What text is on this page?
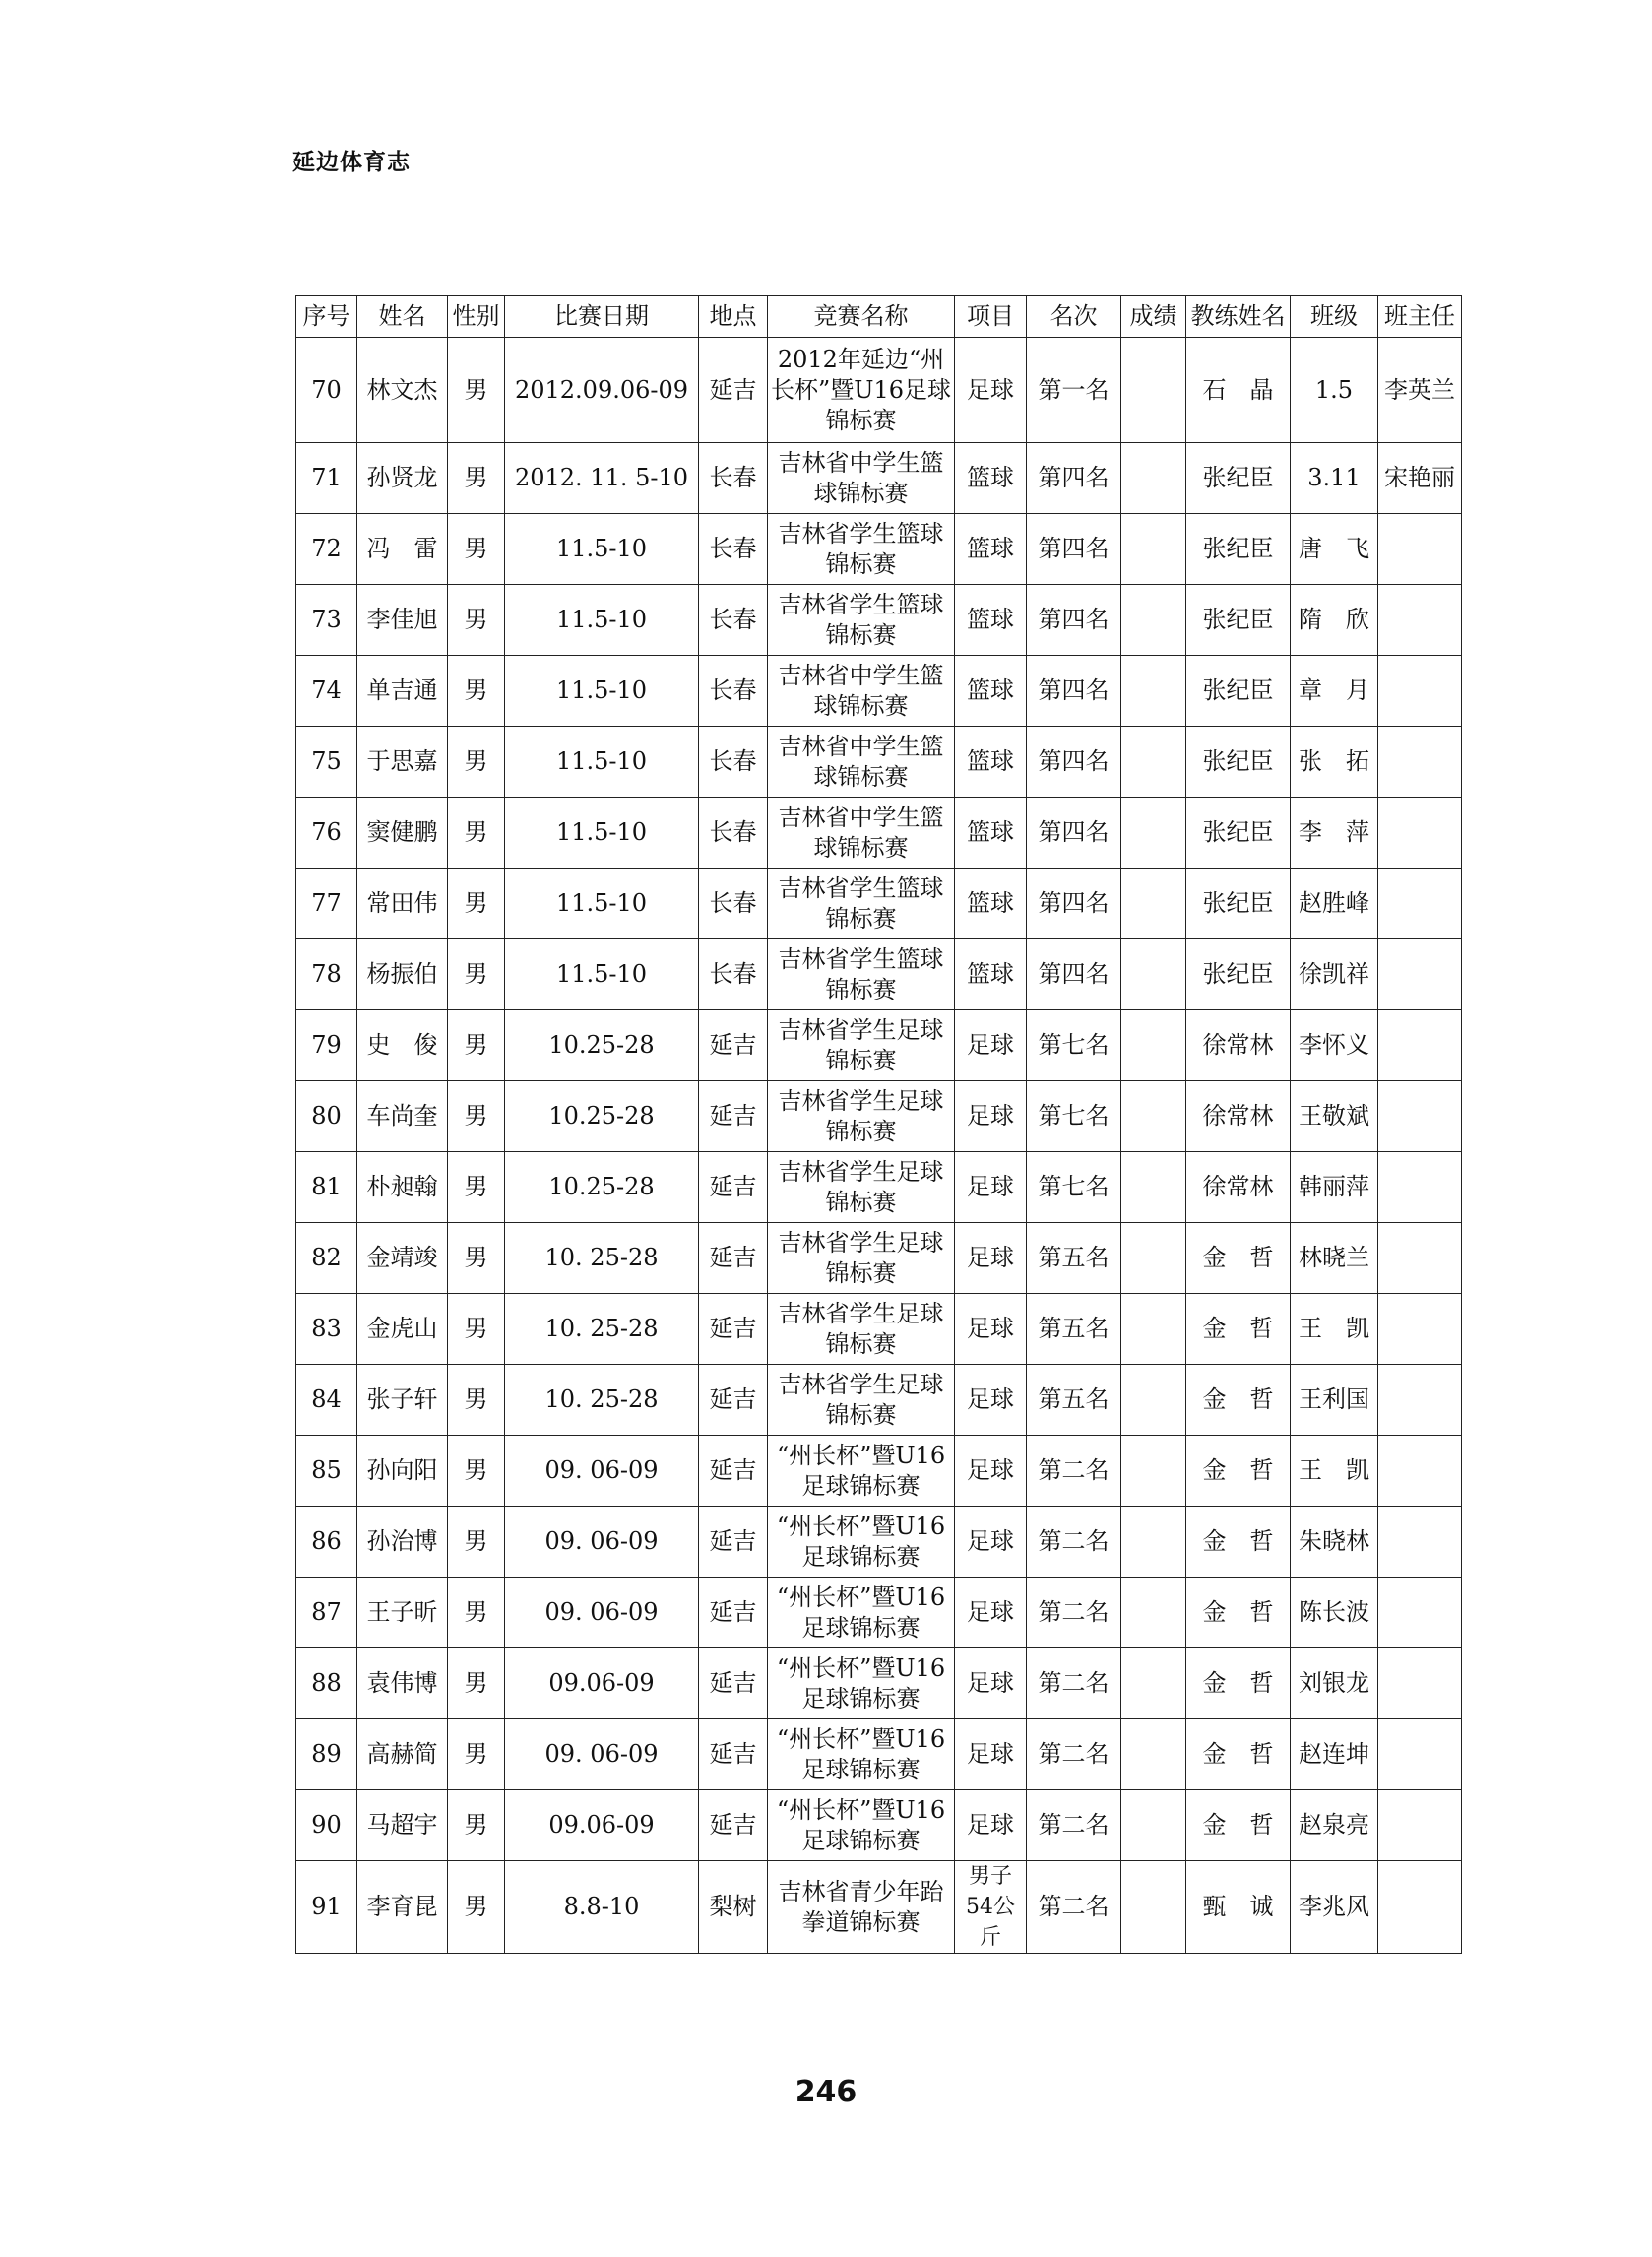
延边体育志
序号	姓名	性别	比赛日期	地点	竞赛名称	项目	名次	成绩	教练姓名	班级	班主任
70	林文杰	男	2012.09.06-09	延吉	2012年延边“州长杯”暨U16足球锦标赛	足球	第一名		石　晶	1.5	李英兰
71	孙贤龙	男	2012. 11. 5-10	长春	吉林省中学生篮球锦标赛	篮球	第四名		张纪臣	3.11	宋艳丽
72	冯　雷	男	11.5-10	长春	吉林省学生篮球锦标赛	篮球	第四名		张纪臣	唐　飞	
73	李佳旭	男	11.5-10	长春	吉林省学生篮球锦标赛	篮球	第四名		张纪臣	隋　欣	
74	单吉通	男	11.5-10	长春	吉林省中学生篮球锦标赛	篮球	第四名		张纪臣	章　月	
75	于思嘉	男	11.5-10	长春	吉林省中学生篮球锦标赛	篮球	第四名		张纪臣	张　拓	
76	窦健鹏	男	11.5-10	长春	吉林省中学生篮球锦标赛	篮球	第四名		张纪臣	李　萍	
77	常田伟	男	11.5-10	长春	吉林省学生篮球锦标赛	篮球	第四名		张纪臣	赵胜峰	
78	杨振伯	男	11.5-10	长春	吉林省学生篮球锦标赛	篮球	第四名		张纪臣	徐凯祥	
79	史　俊	男	10.25-28	延吉	吉林省学生足球锦标赛	足球	第七名		徐常林	李怀义	
80	车尚奎	男	10.25-28	延吉	吉林省学生足球锦标赛	足球	第七名		徐常林	王敬斌	
81	朴昶翰	男	10.25-28	延吉	吉林省学生足球锦标赛	足球	第七名		徐常林	韩丽萍	
82	金靖竣	男	10. 25-28	延吉	吉林省学生足球锦标赛	足球	第五名		金　哲	林晓兰	
83	金虎山	男	10. 25-28	延吉	吉林省学生足球锦标赛	足球	第五名		金　哲	王　凯	
84	张子轩	男	10. 25-28	延吉	吉林省学生足球锦标赛	足球	第五名		金　哲	王利国	
85	孙向阳	男	09. 06-09	延吉	“州长杯”暨U16足球锦标赛	足球	第二名		金　哲	王　凯	
86	孙治博	男	09. 06-09	延吉	“州长杯”暨U16足球锦标赛	足球	第二名		金　哲	朱晓林	
87	王子昕	男	09. 06-09	延吉	“州长杯”暨U16足球锦标赛	足球	第二名		金　哲	陈长波	
88	袁伟博	男	09.06-09	延吉	“州长杯”暨U16足球锦标赛	足球	第二名		金　哲	刘银龙	
89	高赫简	男	09. 06-09	延吉	“州长杯”暨U16足球锦标赛	足球	第二名		金　哲	赵连坤	
90	马超宇	男	09.06-09	延吉	“州长杯”暨U16足球锦标赛	足球	第二名		金　哲	赵泉亮	
91	李育昆	男	8.8-10	梨树	吉林省青少年跆拳道锦标赛	男子54公斤	第二名		甄　诚	李兆风	
246
